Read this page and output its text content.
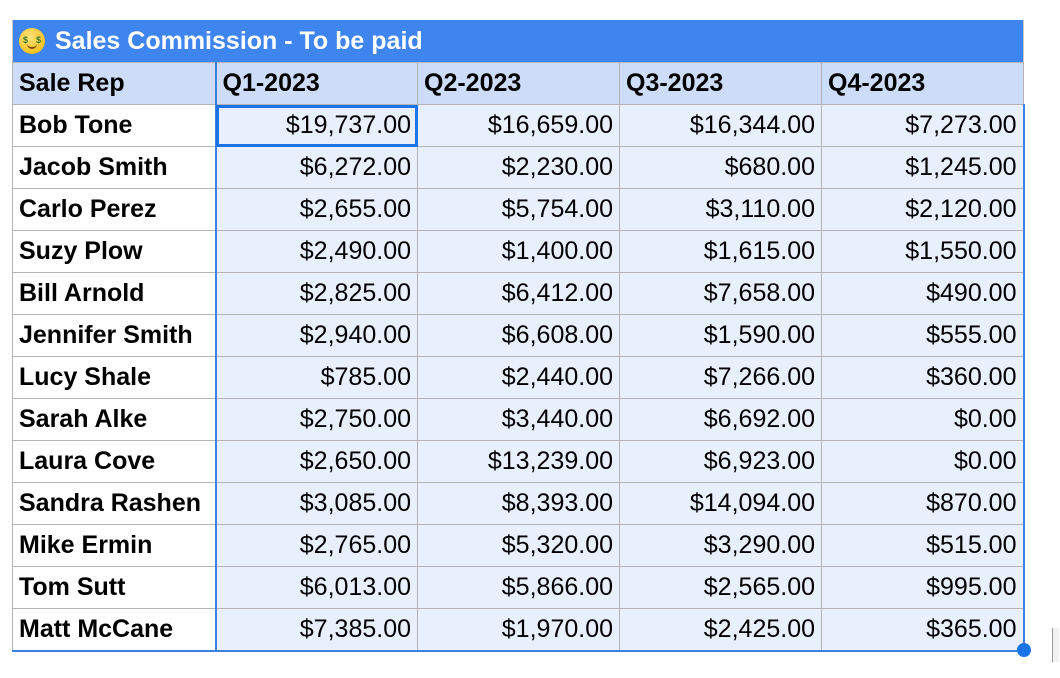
$ $ Sales Commission - To be paid
Sale Rep	Q1-2023	Q2-2023	Q3-2023	Q4-2023
Bob Tone	$19,737.00	$16,659.00	$16,344.00	$7,273.00
Jacob Smith	$6,272.00	$2,230.00	$680.00	$1,245.00
Carlo Perez	$2,655.00	$5,754.00	$3,110.00	$2,120.00
Suzy Plow	$2,490.00	$1,400.00	$1,615.00	$1,550.00
Bill Arnold	$2,825.00	$6,412.00	$7,658.00	$490.00
Jennifer Smith	$2,940.00	$6,608.00	$1,590.00	$555.00
Lucy Shale	$785.00	$2,440.00	$7,266.00	$360.00
Sarah Alke	$2,750.00	$3,440.00	$6,692.00	$0.00
Laura Cove	$2,650.00	$13,239.00	$6,923.00	$0.00
Sandra Rashen	$3,085.00	$8,393.00	$14,094.00	$870.00
Mike Ermin	$2,765.00	$5,320.00	$3,290.00	$515.00
Tom Sutt	$6,013.00	$5,866.00	$2,565.00	$995.00
Matt McCane	$7,385.00	$1,970.00	$2,425.00	$365.00
